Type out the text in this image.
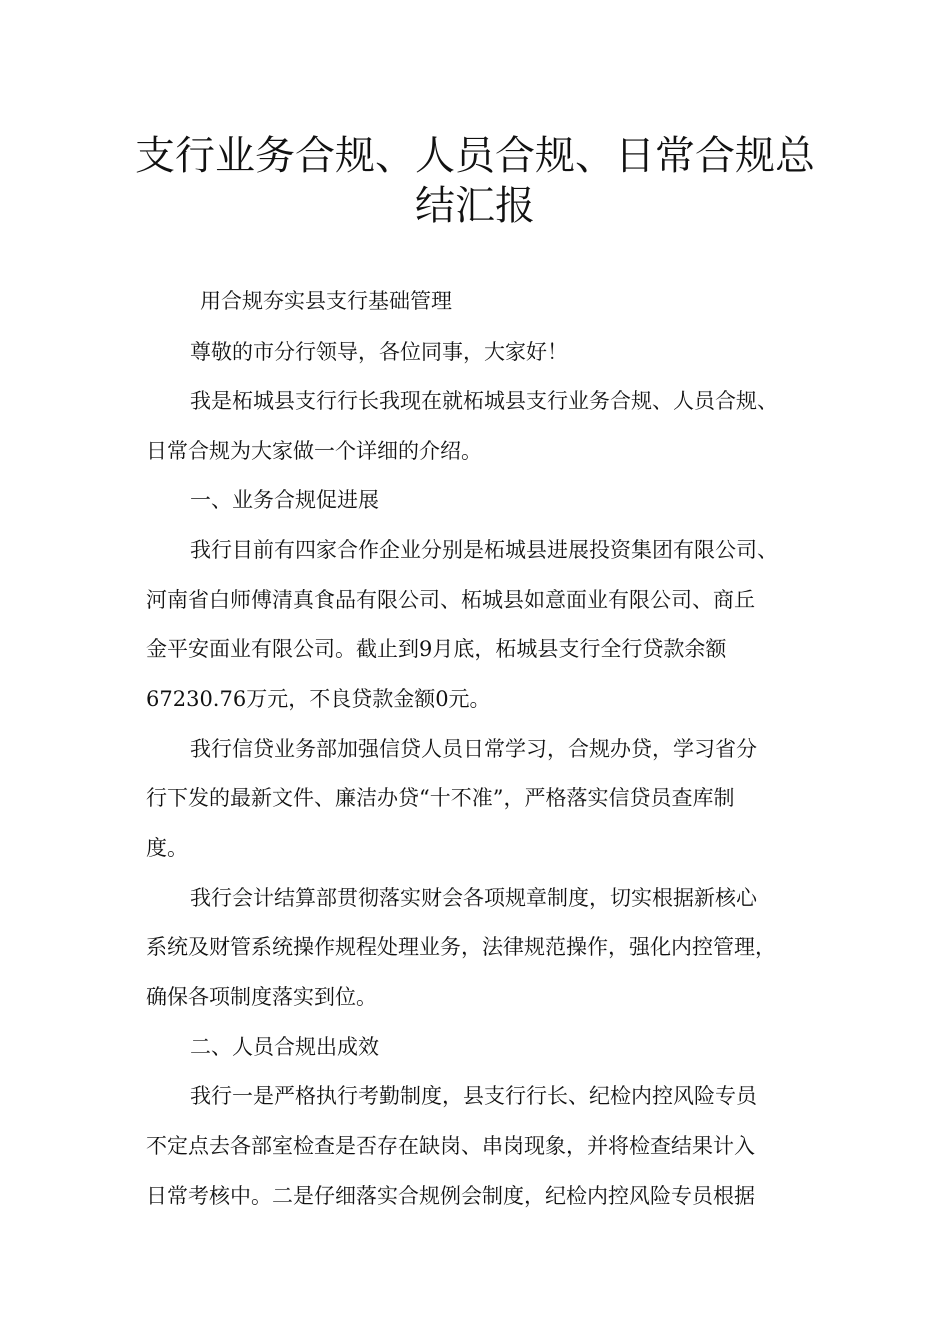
支行业务合规、人员合规、日常合规总
结汇报

用合规夯实县支行基础管理

尊敬的市分行领导，各位同事，大家好！

我是柘城县支行行长我现在就柘城县支行业务合规、人员合规、

日常合规为大家做一个详细的介绍。

一、业务合规促进展

我行目前有四家合作企业分别是柘城县进展投资集团有限公司、

河南省白师傅清真食品有限公司、柘城县如意面业有限公司、商丘

金平安面业有限公司。截止到9月底，柘城县支行全行贷款余额

67230.76万元，不良贷款金额0元。

我行信贷业务部加强信贷人员日常学习，合规办贷，学习省分

行下发的最新文件、廉洁办贷“十不准”，严格落实信贷员查库制

度。

我行会计结算部贯彻落实财会各项规章制度，切实根据新核心

系统及财管系统操作规程处理业务，法律规范操作，强化内控管理，

确保各项制度落实到位。

二、人员合规出成效

我行一是严格执行考勤制度，县支行行长、纪检内控风险专员

不定点去各部室检查是否存在缺岗、串岗现象，并将检查结果计入

日常考核中。二是仔细落实合规例会制度，纪检内控风险专员根据
